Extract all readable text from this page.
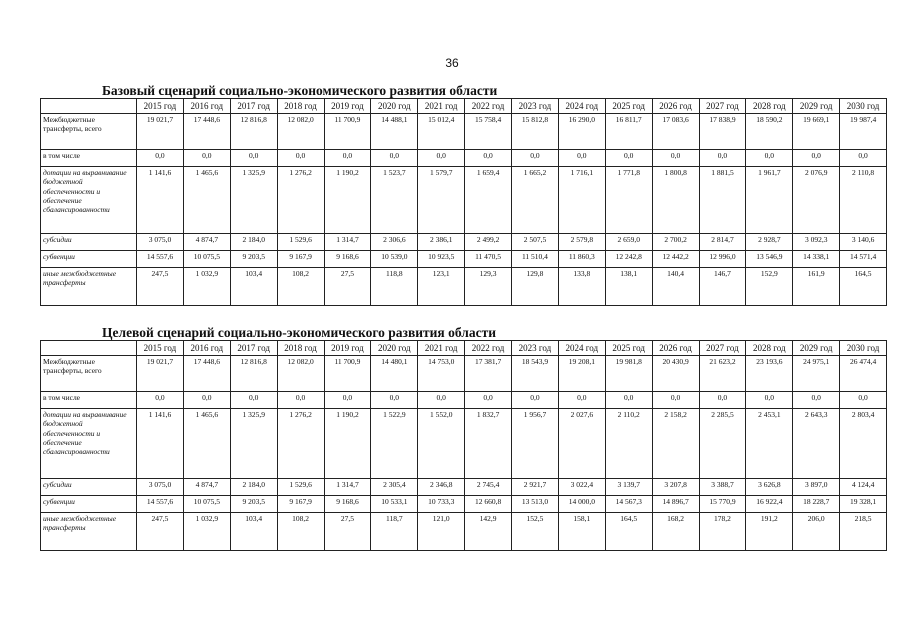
36
Базовый сценарий социально-экономического развития области
	2015 год	2016 год	2017 год	2018 год	2019 год	2020 год	2021 год	2022 год	2023 год	2024 год	2025 год	2026 год	2027 год	2028 год	2029 год	2030 год
Межбюджетные трансферты, всего	19 021,7	17 448,6	12 816,8	12 082,0	11 700,9	14 488,1	15 012,4	15 758,4	15 812,8	16 290,0	16 811,7	17 083,6	17 838,9	18 590,2	19 669,1	19 987,4
в том числе	0,0	0,0	0,0	0,0	0,0	0,0	0,0	0,0	0,0	0,0	0,0	0,0	0,0	0,0	0,0	0,0
дотации на выравнивание бюджетной обеспеченности и обеспечение сбалансированности	1 141,6	1 465,6	1 325,9	1 276,2	1 190,2	1 523,7	1 579,7	1 659,4	1 665,2	1 716,1	1 771,8	1 800,8	1 881,5	1 961,7	2 076,9	2 110,8
субсидии	3 075,0	4 874,7	2 184,0	1 529,6	1 314,7	2 306,6	2 386,1	2 499,2	2 507,5	2 579,8	2 659,0	2 700,2	2 814,7	2 928,7	3 092,3	3 140,6
субвенции	14 557,6	10 075,5	9 203,5	9 167,9	9 168,6	10 539,0	10 923,5	11 470,5	11 510,4	11 860,3	12 242,8	12 442,2	12 996,0	13 546,9	14 338,1	14 571,4
иные межбюджетные трансферты	247,5	1 032,9	103,4	108,2	27,5	118,8	123,1	129,3	129,8	133,8	138,1	140,4	146,7	152,9	161,9	164,5
Целевой сценарий социально-экономического развития области
	2015 год	2016 год	2017 год	2018 год	2019 год	2020 год	2021 год	2022 год	2023 год	2024 год	2025 год	2026 год	2027 год	2028 год	2029 год	2030 год
Межбюджетные трансферты, всего	19 021,7	17 448,6	12 816,8	12 082,0	11 700,9	14 480,1	14 753,0	17 381,7	18 543,9	19 208,1	19 981,8	20 430,9	21 623,2	23 193,6	24 975,1	26 474,4
в том числе	0,0	0,0	0,0	0,0	0,0	0,0	0,0	0,0	0,0	0,0	0,0	0,0	0,0	0,0	0,0	0,0
дотации на выравнивание бюджетной обеспеченности и обеспечение сбалансированности	1 141,6	1 465,6	1 325,9	1 276,2	1 190,2	1 522,9	1 552,0	1 832,7	1 956,7	2 027,6	2 110,2	2 158,2	2 285,5	2 453,1	2 643,3	2 803,4
субсидии	3 075,0	4 874,7	2 184,0	1 529,6	1 314,7	2 305,4	2 346,8	2 745,4	2 921,7	3 022,4	3 139,7	3 207,8	3 388,7	3 626,8	3 897,0	4 124,4
субвенции	14 557,6	10 075,5	9 203,5	9 167,9	9 168,6	10 533,1	10 733,3	12 660,8	13 513,0	14 000,0	14 567,3	14 896,7	15 770,9	16 922,4	18 228,7	19 328,1
иные межбюджетные трансферты	247,5	1 032,9	103,4	108,2	27,5	118,7	121,0	142,9	152,5	158,1	164,5	168,2	178,2	191,2	206,0	218,5
